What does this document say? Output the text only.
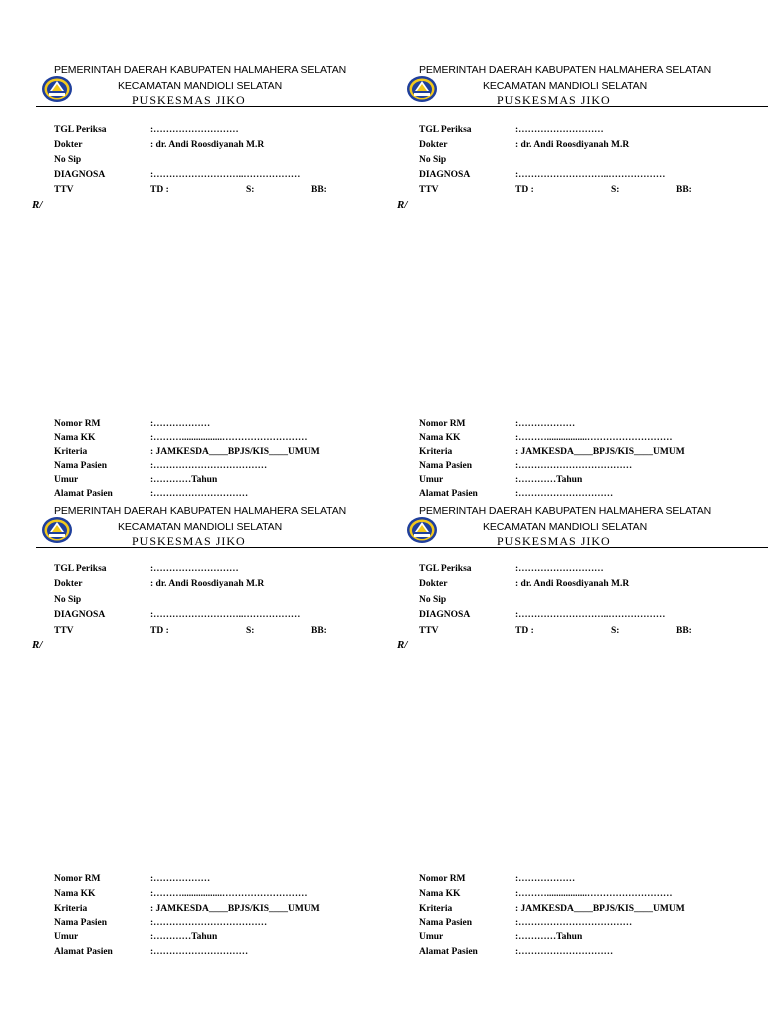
PEMERINTAH DAERAH KABUPATEN HALMAHERA SELATAN
KECAMATAN MANDIOLI SELATAN
PUSKESMAS JIKO
TGL Periksa	:………………………
Dokter	: dr. Andi Roosdiyanah M.R
No Sip
DIAGNOSA	:………………………..………………
TTV	TD :	S:	BB:
R/
Nomor RM	:………………
Nama KK	:……….................………………………
Kriteria	: JAMKESDA____BPJS/KIS____UMUM
Nama Pasien	:………………………………
Umur	:…………Tahun
Alamat Pasien	:…………………………
PEMERINTAH DAERAH KABUPATEN HALMAHERA SELATAN
KECAMATAN MANDIOLI SELATAN
PUSKESMAS JIKO
TGL Periksa	:………………………
Dokter	: dr. Andi Roosdiyanah M.R
No Sip
DIAGNOSA	:………………………..………………
TTV	TD :	S:	BB:
R/
Nomor RM	:………………
Nama KK	:……….................………………………
Kriteria	: JAMKESDA____BPJS/KIS____UMUM
Nama Pasien	:………………………………
Umur	:…………Tahun
Alamat Pasien	:…………………………
PEMERINTAH DAERAH KABUPATEN HALMAHERA SELATAN
KECAMATAN MANDIOLI SELATAN
PUSKESMAS JIKO
TGL Periksa	:………………………
Dokter	: dr. Andi Roosdiyanah M.R
No Sip
DIAGNOSA	:………………………..………………
TTV	TD :	S:	BB:
R/
Nomor RM	:………………
Nama KK	:……….................………………………
Kriteria	: JAMKESDA____BPJS/KIS____UMUM
Nama Pasien	:………………………………
Umur	:…………Tahun
Alamat Pasien	:…………………………
PEMERINTAH DAERAH KABUPATEN HALMAHERA SELATAN
KECAMATAN MANDIOLI SELATAN
PUSKESMAS JIKO
TGL Periksa	:………………………
Dokter	: dr. Andi Roosdiyanah M.R
No Sip
DIAGNOSA	:………………………..………………
TTV	TD :	S:	BB:
R/
Nomor RM	:………………
Nama KK	:……….................………………………
Kriteria	: JAMKESDA____BPJS/KIS____UMUM
Nama Pasien	:………………………………
Umur	:…………Tahun
Alamat Pasien	:…………………………
